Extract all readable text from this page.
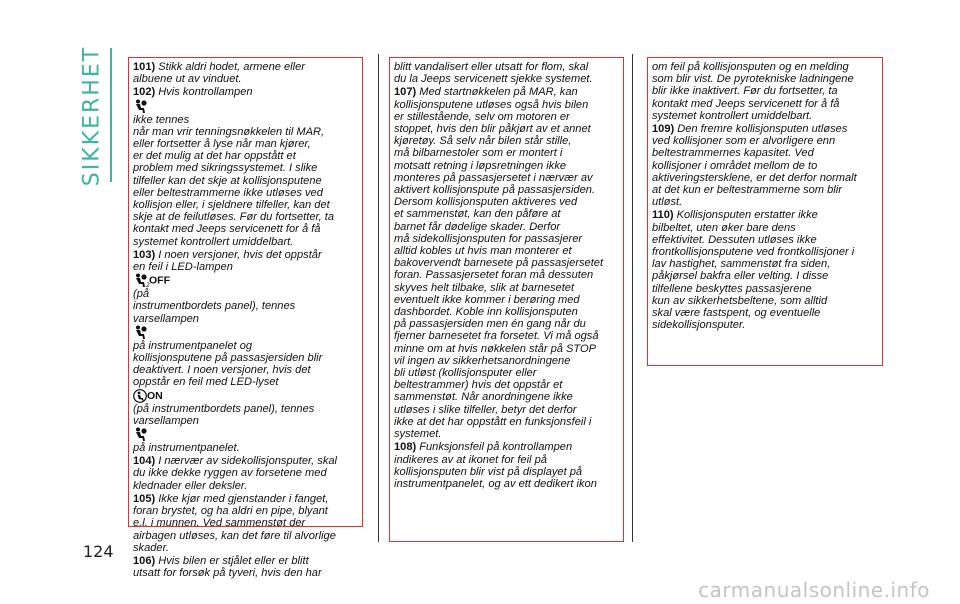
SIKKERHET	101) Stikk aldri hodet, armene eller
albuene ut av vinduet.

102) Hvis kontrollampen

ikke tennes
når man vrir tenningsnøkkelen til MAR,
eller fortsetter å lyse når man kjører,
er det mulig at det har oppstått et
problem med sikringssystemet. I slike
tilfeller kan det skje at kollisjonsputene
eller beltestrammerne ikke utløses ved
kollisjon eller, i sjeldnere tilfeller, kan det
skje at de feilutløses. Før du fortsetter, ta
kontakt med Jeeps servicenett for å få
systemet kontrollert umiddelbart.

103) I noen versjoner, hvis det oppstår
en feil i LED-lampen

2 OFF
(på
instrumentbordets panel), tennes
varsellampen

på instrumentpanelet og
kollisjonsputene på passasjersiden blir
deaktivert. I noen versjoner, hvis det
oppstår en feil med LED-lyset

ON
(på instrumentbordets panel), tennes
varsellampen

på instrumentpanelet.

104) I nærvær av sidekollisjonsputer, skal
du ikke dekke ryggen av forsetene med
klednader eller deksler.

105) Ikke kjør med gjenstander i fanget,
foran brystet, og ha aldri en pipe, blyant
e.l. i munnen. Ved sammenstøt der
airbagen utløses, kan det føre til alvorlige
skader.

106) Hvis bilen er stjålet eller er blitt
utsatt for forsøk på tyveri, hvis den har

blitt vandalisert eller utsatt for flom, skal
du la Jeeps servicenett sjekke systemet.

107) Med startnøkkelen på MAR, kan
kollisjonsputene utløses også hvis bilen
er stillestående, selv om motoren er
stoppet, hvis den blir påkjørt av et annet
kjøretøy. Så selv når bilen står stille,
må bilbarnestoler som er montert i
motsatt retning i løpsretningen ikke
monteres på passasjersetet i nærvær av
aktivert kollisjonspute på passasjersiden.
Dersom kollisjonsputen aktiveres ved
et sammenstøt, kan den påføre at
barnet får dødelige skader. Derfor
må sidekollisjonsputen for passasjerer
alltid kobles ut hvis man monterer et
bakovervendt barnesete på passasjersetet
foran. Passasjersetet foran må dessuten
skyves helt tilbake, slik at barnesetet
eventuelt ikke kommer i berøring med
dashbordet. Koble inn kollisjonsputen
på passasjersiden men én gang når du
fjerner barnesetet fra forsetet. Vi må også
minne om at hvis nøkkelen står på STOP
vil ingen av sikkerhetsanordningene
bli utløst (kollisjonsputer eller
beltestrammer) hvis det oppstår et
sammenstøt. Når anordningene ikke
utløses i slike tilfeller, betyr det derfor
ikke at det har oppstått en funksjonsfeil i
systemet.

108) Funksjonsfeil på kontrollampen
indikeres av at ikonet for feil på
kollisjonsputen blir vist på displayet på
instrumentpanelet, og av ett dedikert ikon

om feil på kollisjonsputen og en melding
som blir vist. De pyrotekniske ladningene
blir ikke inaktivert. Før du fortsetter, ta
kontakt med Jeeps servicenett for å få
systemet kontrollert umiddelbart.

109) Den fremre kollisjonsputen utløses
ved kollisjoner som er alvorligere enn
beltestrammernes kapasitet. Ved
kollisjoner i området mellom de to
aktiveringstersklene, er det derfor normalt
at det kun er beltestrammerne som blir
utløst.

110) Kollisjonsputen erstatter ikke
bilbeltet, uten øker bare dens
effektivitet. Dessuten utløses ikke
frontkollisjonsputene ved frontkollisjoner i
lav hastighet, sammenstøt fra siden,
påkjørsel bakfra eller velting. I disse
tilfellene beskyttes passasjerene
kun av sikkerhetsbeltene, som alltid
skal være fastspent, og eventuelle
sidekollisjonsputer.

124
carmanualsonline.info
